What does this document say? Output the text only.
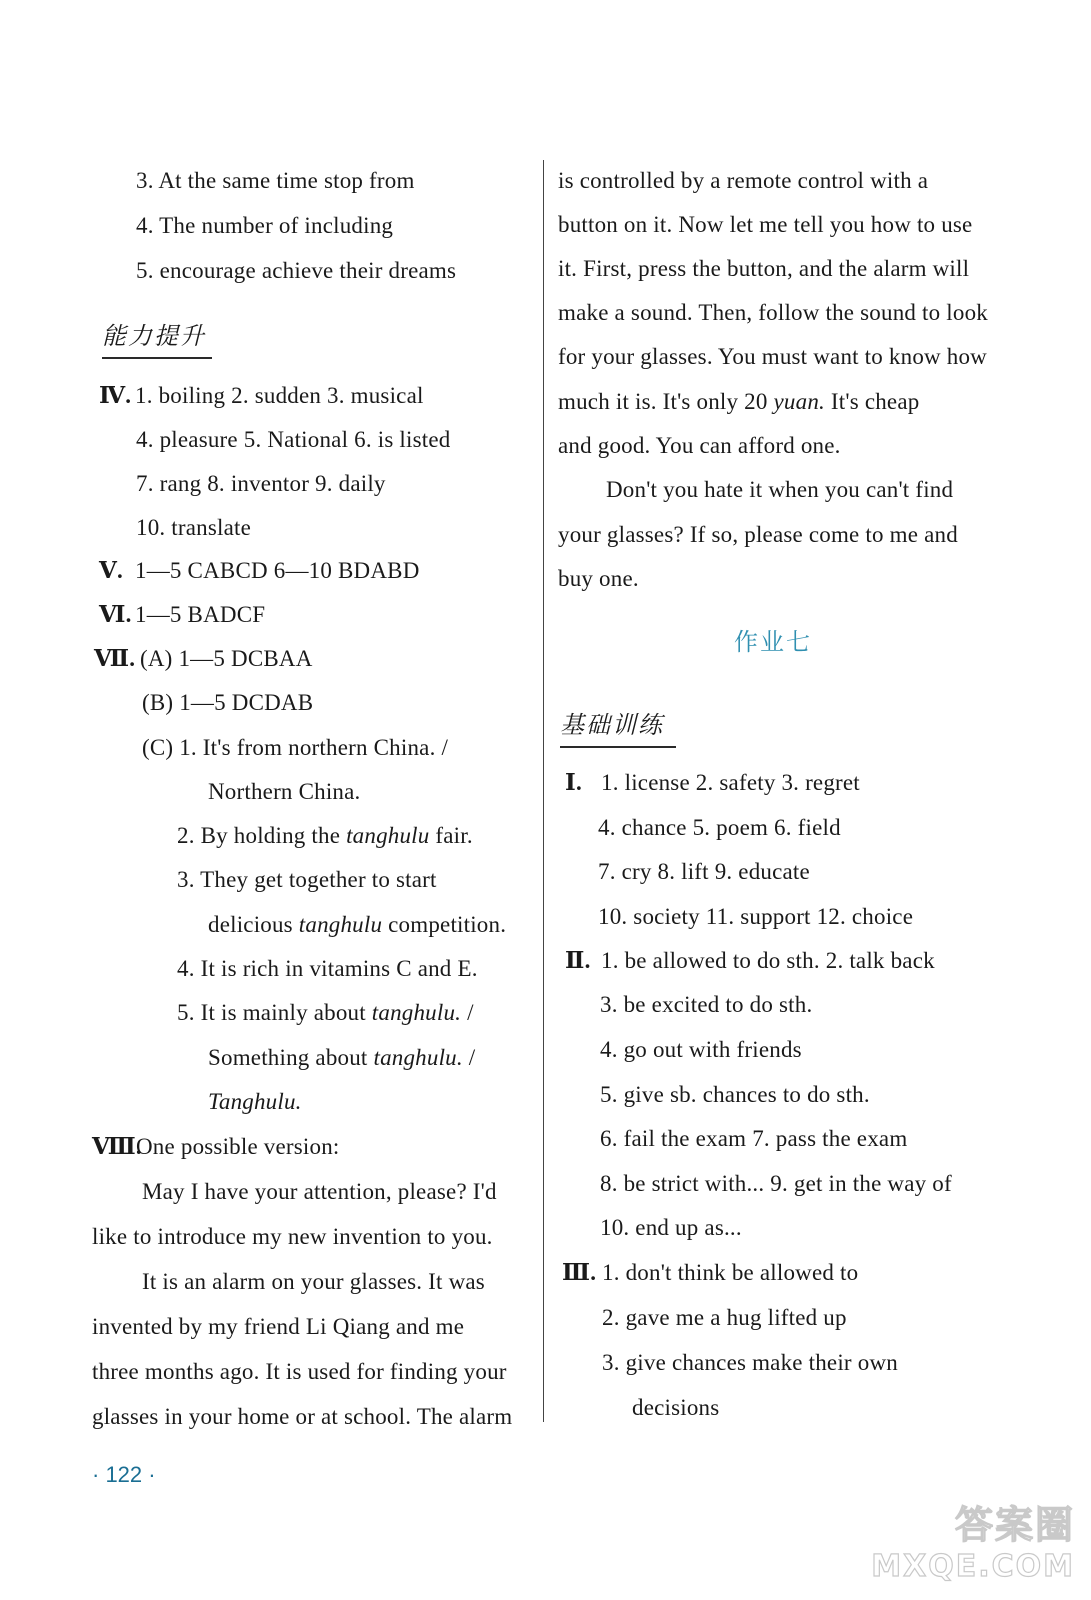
3. At the same time stop from
4. The number of including
5. encourage achieve their dreams
能力提升
Ⅳ. 1. boiling 2. sudden 3. musical
4. pleasure 5. National 6. is listed
7. rang 8. inventor 9. daily
10. translate
Ⅴ. 1—5 CABCD 6—10 BDABD
Ⅵ. 1—5 BADCF
Ⅶ. (A) 1—5 DCBAA
(B) 1—5 DCDAB
(C) 1. It's from northern China. /
Northern China.
2. By holding the tanghulu fair.
3. They get together to start
delicious tanghulu competition.
4. It is rich in vitamins C and E.
5. It is mainly about tanghulu. /
Something about tanghulu. /
Tanghulu.
Ⅷ.One possible version:
May I have your attention, please? I'd
like to introduce my new invention to you.
It is an alarm on your glasses. It was
invented by my friend Li Qiang and me
three months ago. It is used for finding your
glasses in your home or at school. The alarm
is controlled by a remote control with a
button on it. Now let me tell you how to use
it. First, press the button, and the alarm will
make a sound. Then, follow the sound to look
for your glasses. You must want to know how
much it is. It's only 20 yuan. It's cheap
and good. You can afford one.
Don't you hate it when you can't find
your glasses? If so, please come to me and
buy one.
作业七
基础训练
Ⅰ. 1. license 2. safety 3. regret
4. chance 5. poem 6. field
7. cry 8. lift 9. educate
10. society 11. support 12. choice
Ⅱ. 1. be allowed to do sth. 2. talk back
3. be excited to do sth.
4. go out with friends
5. give sb. chances to do sth.
6. fail the exam 7. pass the exam
8. be strict with... 9. get in the way of
10. end up as...
Ⅲ. 1. don't think be allowed to
2. gave me a hug lifted up
3. give chances make their own
decisions
· 122 ·
答案圈
MXQE.COM
